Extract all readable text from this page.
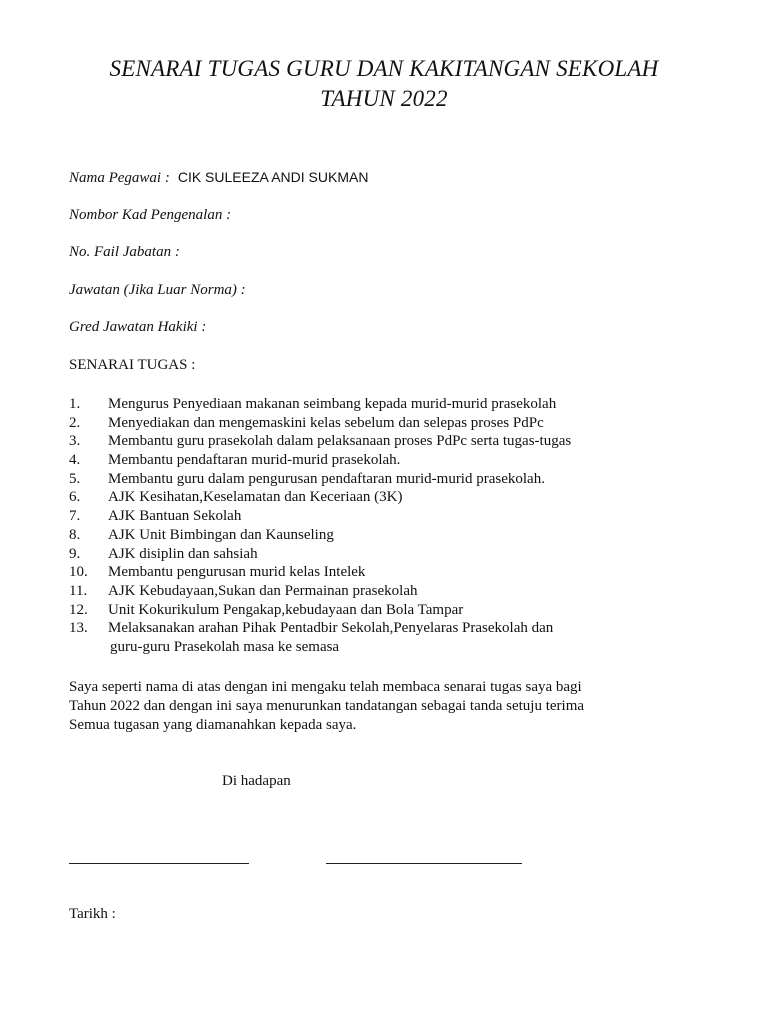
SENARAI TUGAS GURU DAN KAKITANGAN SEKOLAH
TAHUN 2022
Nama Pegawai : CIK SULEEZA ANDI SUKMAN
Nombor Kad Pengenalan :
No. Fail Jabatan :
Jawatan (Jika Luar Norma) :
Gred Jawatan Hakiki :
SENARAI TUGAS :
1.	Mengurus Penyediaan makanan seimbang kepada murid-murid prasekolah
2.	Menyediakan dan mengemaskini kelas sebelum dan selepas proses PdPc
3.	Membantu guru prasekolah dalam pelaksanaan proses PdPc serta tugas-tugas
4.	Membantu pendaftaran murid-murid prasekolah.
5.	Membantu guru dalam pengurusan pendaftaran murid-murid prasekolah.
6.	AJK Kesihatan,Keselamatan dan Keceriaan (3K)
7.	AJK Bantuan Sekolah
8.	AJK Unit Bimbingan dan Kaunseling
9.	AJK disiplin dan sahsiah
10.	Membantu pengurusan murid kelas Intelek
11.	AJK Kebudayaan,Sukan dan Permainan prasekolah
12.	Unit Kokurikulum Pengakap,kebudayaan dan Bola Tampar
13.	Melaksanakan arahan Pihak Pentadbir Sekolah,Penyelaras Prasekolah dan
guru-guru Prasekolah masa ke semasa
Saya seperti nama di atas dengan ini mengaku telah membaca senarai tugas saya bagi
Tahun 2022 dan dengan ini saya menurunkan tandatangan sebagai tanda setuju terima
Semua tugasan yang diamanahkan kepada saya.
Di hadapan
Tarikh :
